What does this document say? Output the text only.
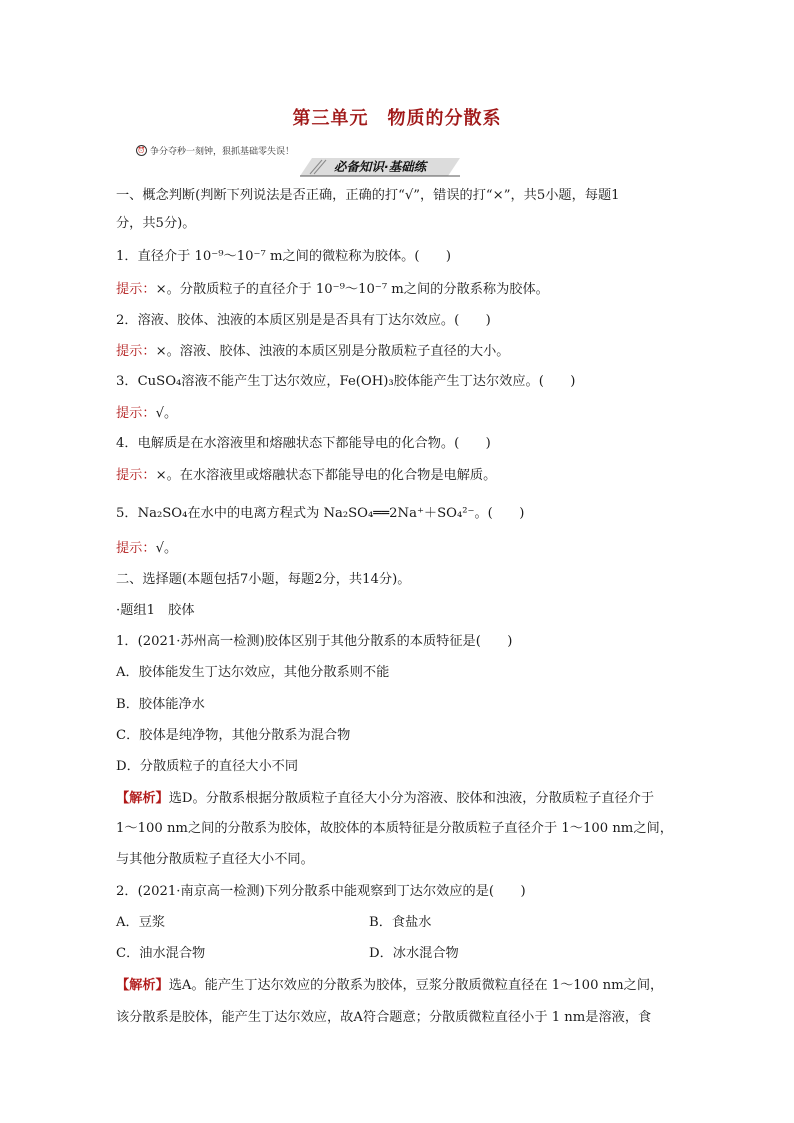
第三单元　物质的分散系
⏰ 争分夺秒一刻钟，狠抓基础零失误！
必备知识·基础练
一、概念判断(判断下列说法是否正确，正确的打“√”，错误的打“×”，共5小题，每题1
分，共5分)。
1．直径介于 10⁻⁹～10⁻⁷ m之间的微粒称为胶体。(　　)
提示：×。分散质粒子的直径介于 10⁻⁹～10⁻⁷ m之间的分散系称为胶体。
2．溶液、胶体、浊液的本质区别是是否具有丁达尔效应。(　　)
提示：×。溶液、胶体、浊液的本质区别是分散质粒子直径的大小。
3．CuSO₄溶液不能产生丁达尔效应，Fe(OH)₃胶体能产生丁达尔效应。(　　)
提示：√。
4．电解质是在水溶液里和熔融状态下都能导电的化合物。(　　)
提示：×。在水溶液里或熔融状态下都能导电的化合物是电解质。
5．Na₂SO₄在水中的电离方程式为 Na₂SO₄══2Na⁺＋SO₄²⁻。(　　)
提示：√。
二、选择题(本题包括7小题，每题2分，共14分)。
·题组1　胶体
1．(2021·苏州高一检测)胶体区别于其他分散系的本质特征是(　　)
A．胶体能发生丁达尔效应，其他分散系则不能
B．胶体能净水
C．胶体是纯净物，其他分散系为混合物
D．分散质粒子的直径大小不同
【解析】选D。分散系根据分散质粒子直径大小分为溶液、胶体和浊液，分散质粒子直径介于
1～100 nm之间的分散系为胶体，故胶体的本质特征是分散质粒子直径介于 1～100 nm之间，
与其他分散质粒子直径大小不同。
2．(2021·南京高一检测)下列分散系中能观察到丁达尔效应的是(　　)
A．豆浆	B．食盐水
C．油水混合物	D．冰水混合物
【解析】选A。能产生丁达尔效应的分散系为胶体，豆浆分散质微粒直径在 1～100 nm之间，
该分散系是胶体，能产生丁达尔效应，故A符合题意；分散质微粒直径小于 1 nm是溶液，食
